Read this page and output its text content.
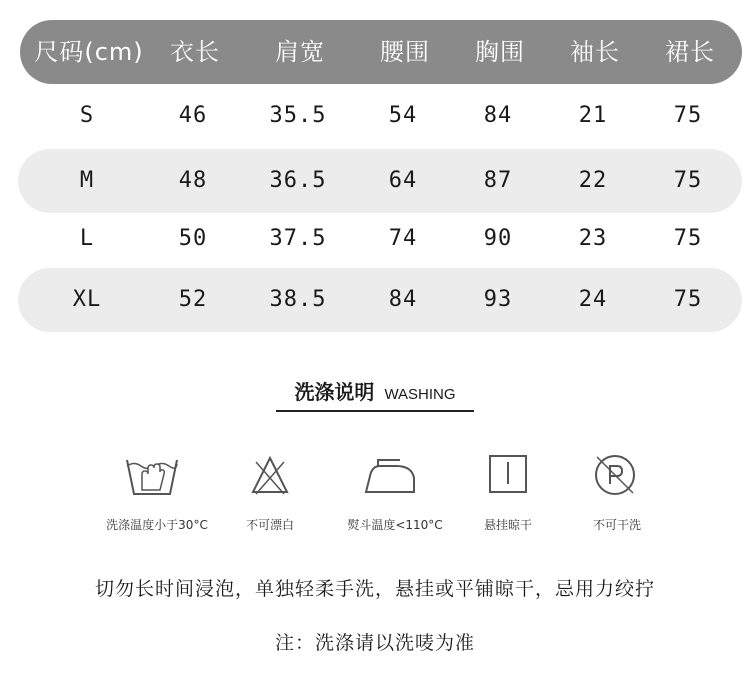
尺码(cm)	衣长	肩宽	腰围	胸围	袖长	裙长
S	46	35.5	54	84	21	75
M	48	36.5	64	87	22	75
L	50	37.5	74	90	23	75
XL	52	38.5	84	93	24	75
洗涤说明 WASHING
洗涤温度小于30°C	不可漂白	熨斗温度<110°C	悬挂晾干	不可干洗
切勿长时间浸泡，单独轻柔手洗，悬挂或平铺晾干，忌用力绞拧
注：洗涤请以洗唛为准
